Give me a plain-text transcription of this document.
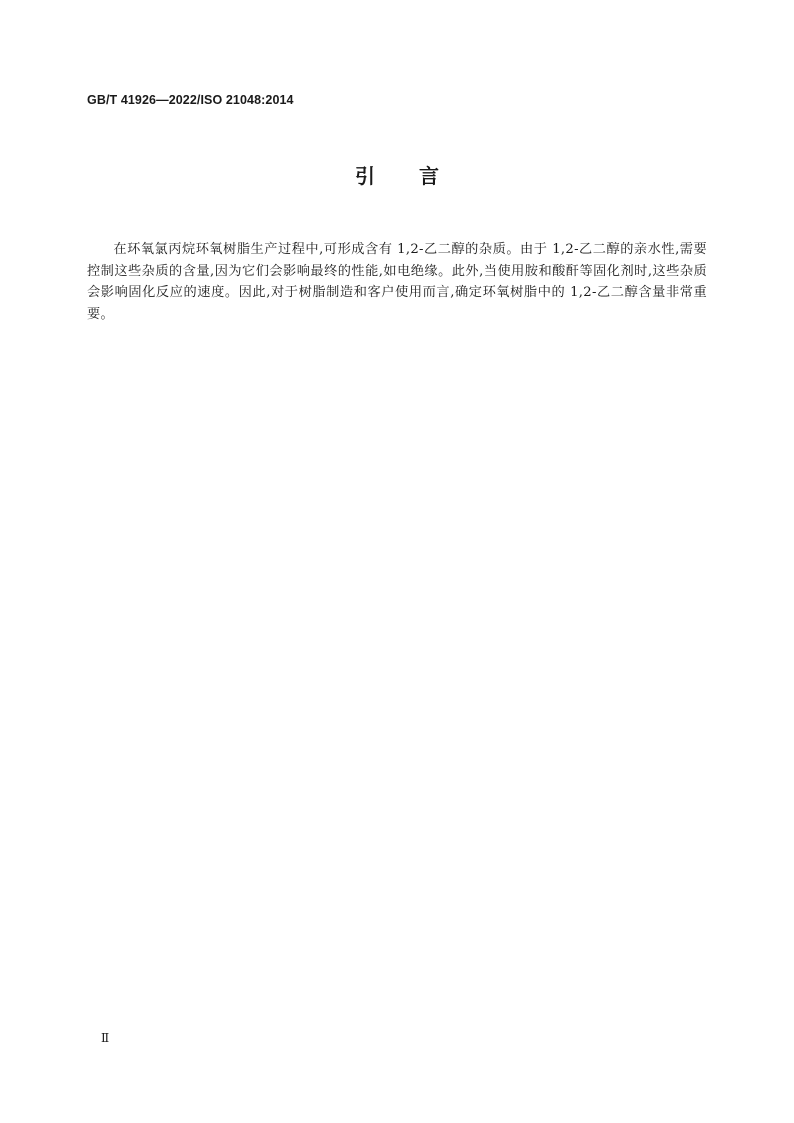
GB/T 41926—2022/ISO 21048:2014
引 言

在环氧氯丙烷环氧树脂生产过程中,可形成含有 1,2-乙二醇的杂质。由于 1,2-乙二醇的亲水性,需要控制这些杂质的含量,因为它们会影响最终的性能,如电绝缘。此外,当使用胺和酸酐等固化剂时,这些杂质会影响固化反应的速度。因此,对于树脂制造和客户使用而言,确定环氧树脂中的 1,2-乙二醇含量非常重要。

Ⅱ
